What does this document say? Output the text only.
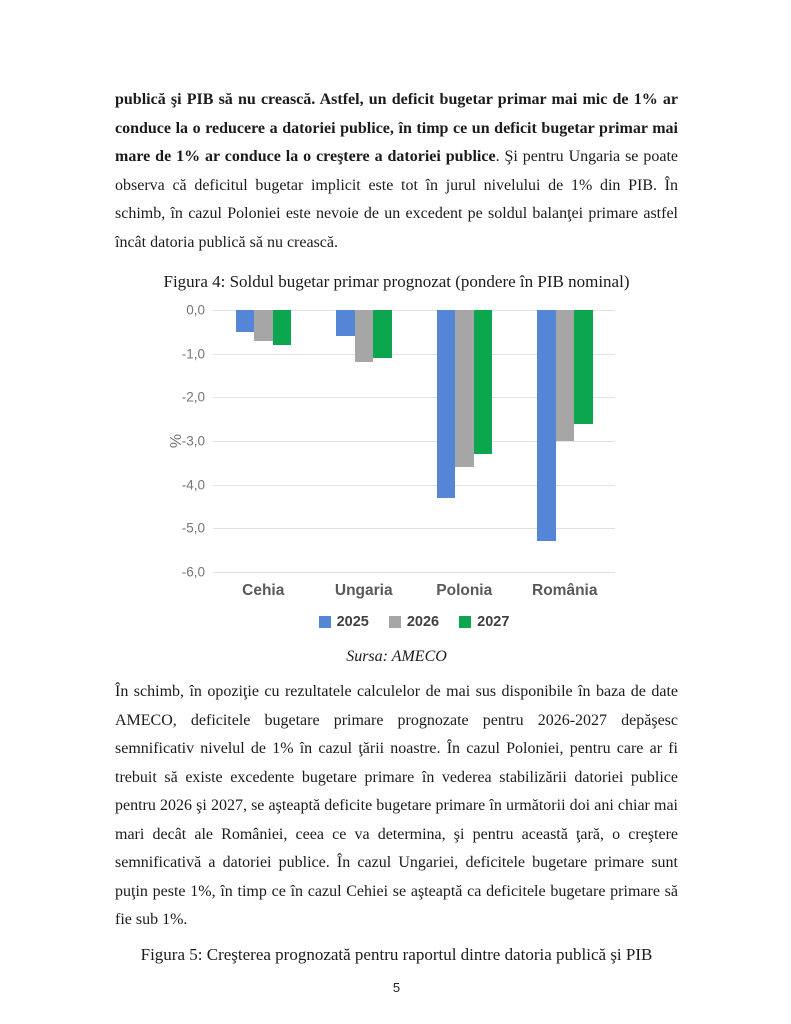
publică şi PIB să nu crească. Astfel, un deficit bugetar primar mai mic de 1% ar conduce la o reducere a datoriei publice, în timp ce un deficit bugetar primar mai mare de 1% ar conduce la o creştere a datoriei publice. Şi pentru Ungaria se poate observa că deficitul bugetar implicit este tot în jurul nivelului de 1% din PIB. În schimb, în cazul Poloniei este nevoie de un excedent pe soldul balanţei primare astfel încât datoria publică să nu crească.

Figura 4: Soldul bugetar primar prognozat (pondere în PIB nominal)
%
0,0
-1,0
-2,0
-3,0
-4,0
-5,0
-6,0
Cehia	Ungaria	Polonia	România
2025	2026	2027
Sursa: AMECO

În schimb, în opoziţie cu rezultatele calculelor de mai sus disponibile în baza de date AMECO, deficitele bugetare primare prognozate pentru 2026-2027 depăşesc semnificativ nivelul de 1% în cazul ţării noastre. În cazul Poloniei, pentru care ar fi trebuit să existe excedente bugetare primare în vederea stabilizării datoriei publice pentru 2026 şi 2027, se aşteaptă deficite bugetare primare în următorii doi ani chiar mai mari decât ale României, ceea ce va determina, şi pentru această ţară, o creştere semnificativă a datoriei publice. În cazul Ungariei, deficitele bugetare primare sunt puţin peste 1%, în timp ce în cazul Cehiei se aşteaptă ca deficitele bugetare primare să fie sub 1%.

Figura 5: Creşterea prognozată pentru raportul dintre datoria publică şi PIB
5
